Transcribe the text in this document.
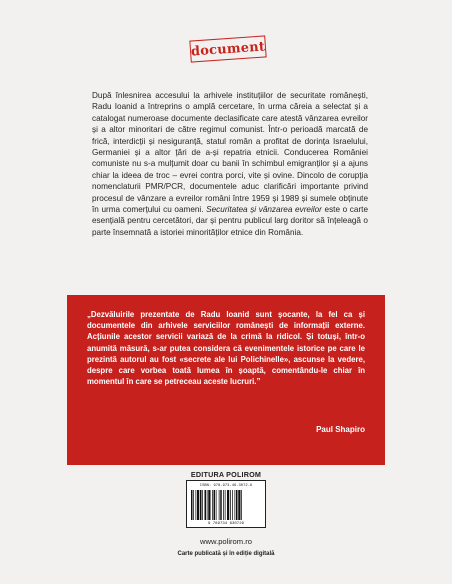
document

După înlesnirea accesului la arhivele instituțiilor de securitate românești, Radu Ioanid a întreprins o amplă cercetare, în urma căreia a selectat și a catalogat numeroase documente declasificate care atestă vânzarea evreilor și a altor minoritari de către regimul comunist. Într-o perioadă marcată de frică, interdicții și nesiguranță, statul român a profitat de dorința Israelului, Germaniei și a altor țări de a-și repatria etnicii. Conducerea României comuniste nu s-a mulțumit doar cu banii în schimbul emigranților și a ajuns chiar la ideea de troc – evrei contra porci, vite și ovine. Dincolo de corupția nomenclaturii PMR/PCR, documentele aduc clarificări importante privind procesul de vânzare a evreilor români între 1959 și 1989 și sumele obținute în urma comerțului cu oameni. Securitatea și vânzarea evreilor este o carte esențială pentru cercetători, dar și pentru publicul larg doritor să înțeleagă o parte însemnată a istoriei minorităților etnice din România.

„Dezvăluirile prezentate de Radu Ioanid sunt șocante, la fel ca și documentele din arhivele serviciilor românești de informații externe. Acțiunile acestor servicii variază de la crimă la ridicol. Și totuși, într-o anumită măsură, s-ar putea considera că evenimentele istorice pe care le prezintă autorul au fost «secrete ale lui Polichinelle», ascunse la vedere, despre care vorbea toată lumea în șoaptă, comentându-le chiar în momentul în care se petreceau aceste lucruri.”

Paul Shapiro
EDITURA POLIROM
ISBN: 978-973-46-3072-9
9 789734 630729
www.polirom.ro
Carte publicată și în ediție digitală
